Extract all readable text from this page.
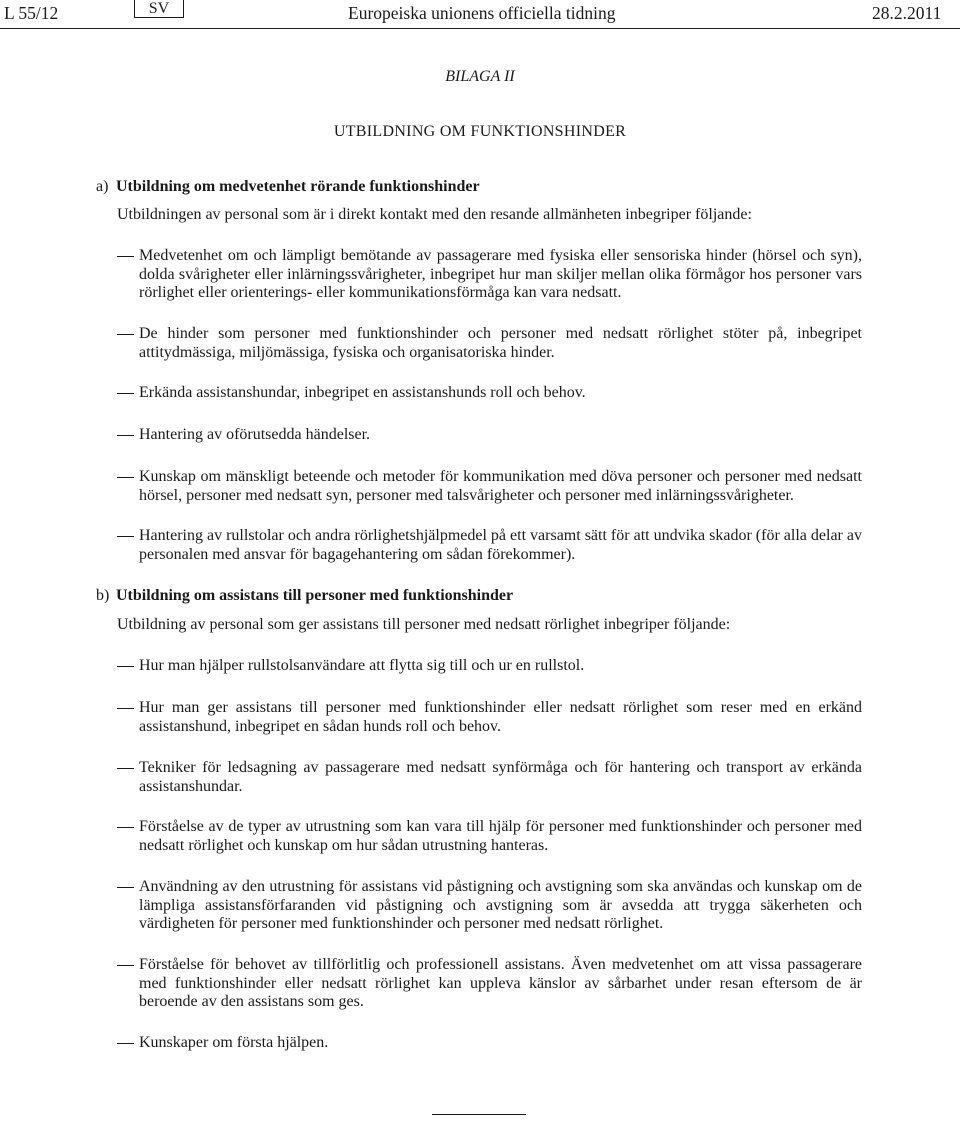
L 55/12	SV	Europeiska unionens officiella tidning	28.2.2011
BILAGA II
UTBILDNING OM FUNKTIONSHINDER
a) Utbildning om medvetenhet rörande funktionshinder
Utbildningen av personal som är i direkt kontakt med den resande allmänheten inbegriper följande:
Medvetenhet om och lämpligt bemötande av passagerare med fysiska eller sensoriska hinder (hörsel och syn), dolda svårigheter eller inlärningssvårigheter, inbegripet hur man skiljer mellan olika förmågor hos personer vars rörlighet eller orienterings- eller kommunikationsförmåga kan vara nedsatt.
De hinder som personer med funktionshinder och personer med nedsatt rörlighet stöter på, inbegripet attitydmässiga, miljömässiga, fysiska och organisatoriska hinder.
Erkända assistanshundar, inbegripet en assistanshunds roll och behov.
Hantering av oförutsedda händelser.
Kunskap om mänskligt beteende och metoder för kommunikation med döva personer och personer med nedsatt hörsel, personer med nedsatt syn, personer med talsvårigheter och personer med inlärningssvårigheter.
Hantering av rullstolar och andra rörlighetshjälpmedel på ett varsamt sätt för att undvika skador (för alla delar av personalen med ansvar för bagagehantering om sådan förekommer).
b) Utbildning om assistans till personer med funktionshinder
Utbildning av personal som ger assistans till personer med nedsatt rörlighet inbegriper följande:
Hur man hjälper rullstolsanvändare att flytta sig till och ur en rullstol.
Hur man ger assistans till personer med funktionshinder eller nedsatt rörlighet som reser med en erkänd assistanshund, inbegripet en sådan hunds roll och behov.
Tekniker för ledsagning av passagerare med nedsatt synförmåga och för hantering och transport av erkända assistanshundar.
Förståelse av de typer av utrustning som kan vara till hjälp för personer med funktionshinder och personer med nedsatt rörlighet och kunskap om hur sådan utrustning hanteras.
Användning av den utrustning för assistans vid påstigning och avstigning som ska användas och kunskap om de lämpliga assistansförfaranden vid påstigning och avstigning som är avsedda att trygga säkerheten och värdigheten för personer med funktionshinder och personer med nedsatt rörlighet.
Förståelse för behovet av tillförlitlig och professionell assistans. Även medvetenhet om att vissa passagerare med funktionshinder eller nedsatt rörlighet kan uppleva känslor av sårbarhet under resan eftersom de är beroende av den assistans som ges.
Kunskaper om första hjälpen.
